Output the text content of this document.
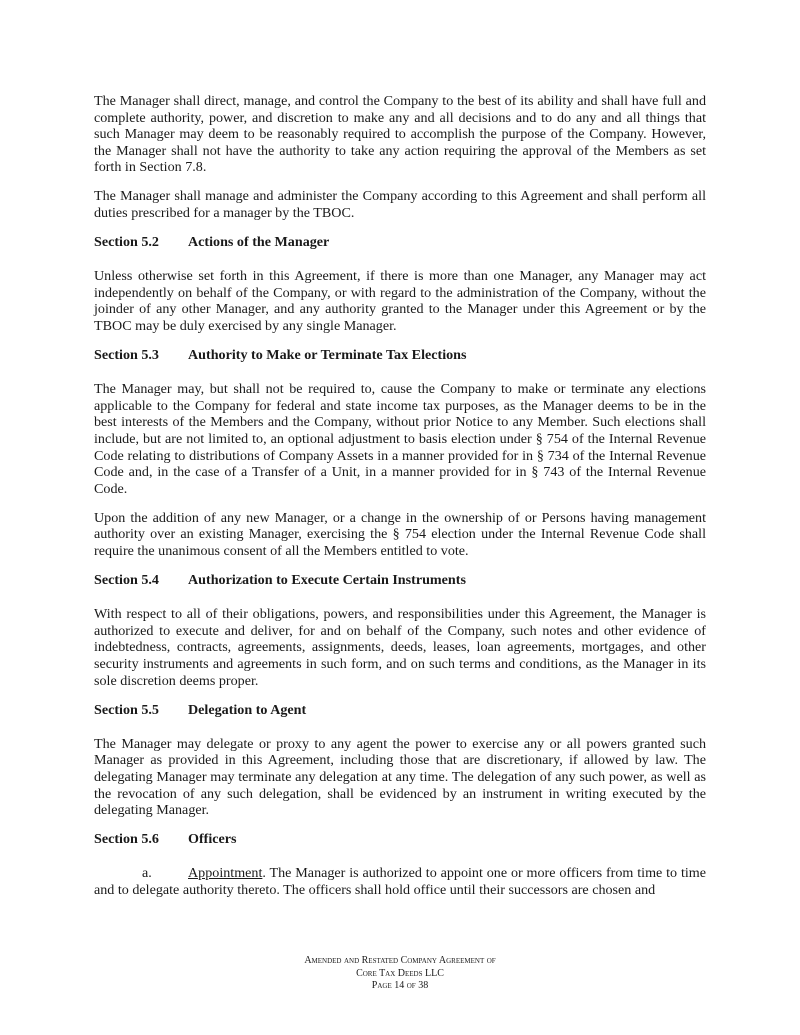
The Manager shall direct, manage, and control the Company to the best of its ability and shall have full and complete authority, power, and discretion to make any and all decisions and to do any and all things that such Manager may deem to be reasonably required to accomplish the purpose of the Company. However, the Manager shall not have the authority to take any action requiring the approval of the Members as set forth in Section 7.8.

The Manager shall manage and administer the Company according to this Agreement and shall perform all duties prescribed for a manager by the TBOC.

Section 5.2 Actions of the Manager

Unless otherwise set forth in this Agreement, if there is more than one Manager, any Manager may act independently on behalf of the Company, or with regard to the administration of the Company, without the joinder of any other Manager, and any authority granted to the Manager under this Agreement or by the TBOC may be duly exercised by any single Manager.

Section 5.3 Authority to Make or Terminate Tax Elections

The Manager may, but shall not be required to, cause the Company to make or terminate any elections applicable to the Company for federal and state income tax purposes, as the Manager deems to be in the best interests of the Members and the Company, without prior Notice to any Member. Such elections shall include, but are not limited to, an optional adjustment to basis election under § 754 of the Internal Revenue Code relating to distributions of Company Assets in a manner provided for in § 734 of the Internal Revenue Code and, in the case of a Transfer of a Unit, in a manner provided for in § 743 of the Internal Revenue Code.

Upon the addition of any new Manager, or a change in the ownership of or Persons having management authority over an existing Manager, exercising the § 754 election under the Internal Revenue Code shall require the unanimous consent of all the Members entitled to vote.

Section 5.4 Authorization to Execute Certain Instruments

With respect to all of their obligations, powers, and responsibilities under this Agreement, the Manager is authorized to execute and deliver, for and on behalf of the Company, such notes and other evidence of indebtedness, contracts, agreements, assignments, deeds, leases, loan agreements, mortgages, and other security instruments and agreements in such form, and on such terms and conditions, as the Manager in its sole discretion deems proper.

Section 5.5 Delegation to Agent

The Manager may delegate or proxy to any agent the power to exercise any or all powers granted such Manager as provided in this Agreement, including those that are discretionary, if allowed by law. The delegating Manager may terminate any delegation at any time. The delegation of any such power, as well as the revocation of any such delegation, shall be evidenced by an instrument in writing executed by the delegating Manager.

Section 5.6 Officers

a.	Appointment. The Manager is authorized to appoint one or more officers from time to time and to delegate authority thereto. The officers shall hold office until their successors are chosen and

Amended and Restated Company Agreement of
Core Tax Deeds LLC
Page 14 of 38
